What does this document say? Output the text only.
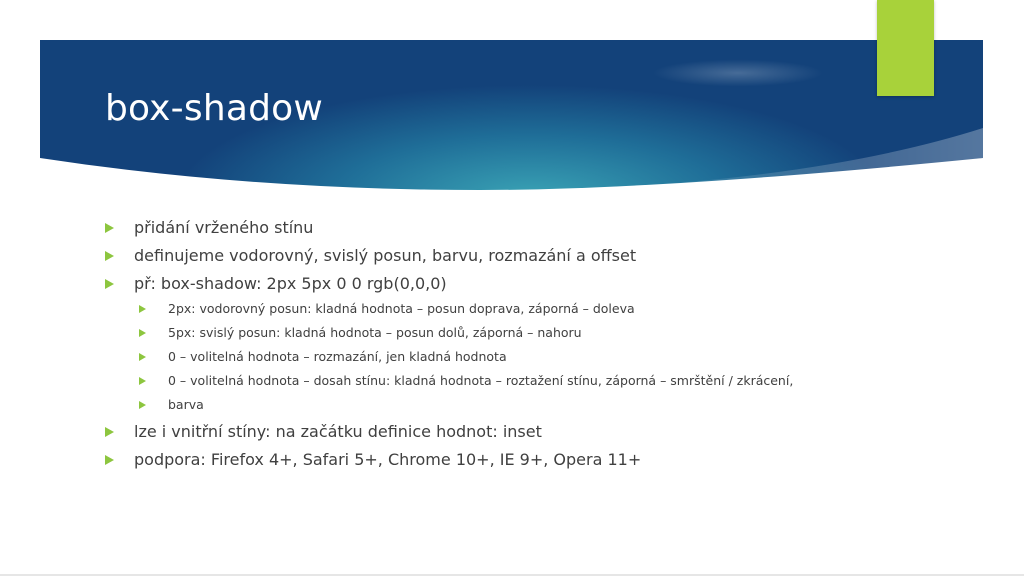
box-shadow
přidání vrženého stínu
definujeme vodorovný, svislý posun, barvu, rozmazání a offset
př: box-shadow: 2px 5px 0 0 rgb(0,0,0)
2px: vodorovný posun: kladná hodnota – posun doprava, záporná – doleva
5px: svislý posun: kladná hodnota – posun dolů, záporná – nahoru
0 – volitelná hodnota – rozmazání, jen kladná hodnota
0 – volitelná hodnota – dosah stínu: kladná hodnota – roztažení stínu, záporná – smrštění / zkrácení,
barva
lze i vnitřní stíny: na začátku definice hodnot: inset
podpora: Firefox 4+, Safari 5+, Chrome 10+, IE 9+, Opera 11+
